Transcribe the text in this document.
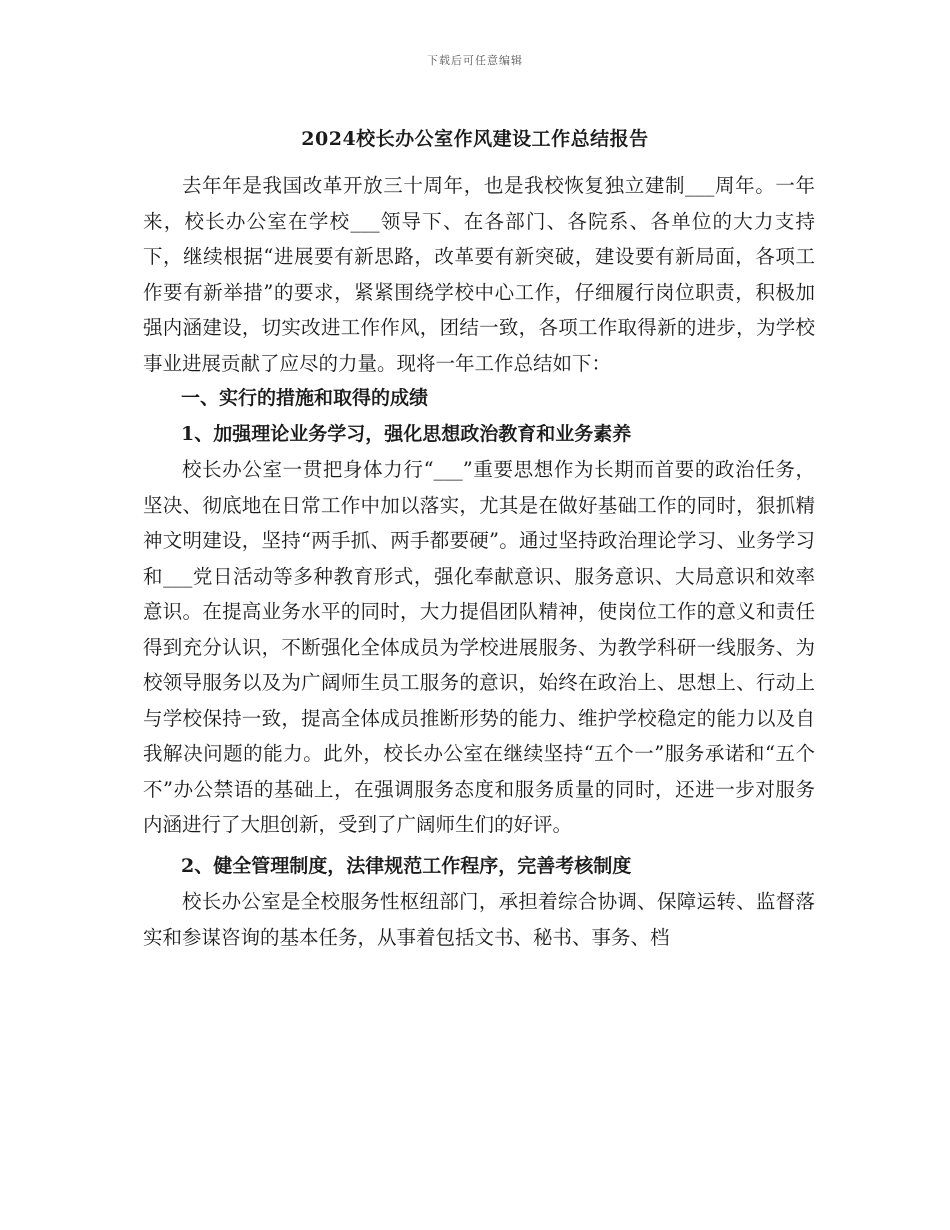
下载后可任意编辑
2024校长办公室作风建设工作总结报告

去年年是我国改革开放三十周年，也是我校恢复独立建制___周年。一年来，校长办公室在学校___领导下、在各部门、各院系、各单位的大力支持下，继续根据“进展要有新思路，改革要有新突破，建设要有新局面，各项工作要有新举措”的要求，紧紧围绕学校中心工作，仔细履行岗位职责，积极加强内涵建设，切实改进工作作风，团结一致，各项工作取得新的进步，为学校事业进展贡献了应尽的力量。现将一年工作总结如下：

一、实行的措施和取得的成绩

1、加强理论业务学习，强化思想政治教育和业务素养

校长办公室一贯把身体力行“___”重要思想作为长期而首要的政治任务，坚决、彻底地在日常工作中加以落实，尤其是在做好基础工作的同时，狠抓精神文明建设，坚持“两手抓、两手都要硬”。通过坚持政治理论学习、业务学习和___党日活动等多种教育形式，强化奉献意识、服务意识、大局意识和效率意识。在提高业务水平的同时，大力提倡团队精神，使岗位工作的意义和责任得到充分认识，不断强化全体成员为学校进展服务、为教学科研一线服务、为校领导服务以及为广阔师生员工服务的意识，始终在政治上、思想上、行动上与学校保持一致，提高全体成员推断形势的能力、维护学校稳定的能力以及自我解决问题的能力。此外，校长办公室在继续坚持“五个一”服务承诺和“五个不”办公禁语的基础上，在强调服务态度和服务质量的同时，还进一步对服务内涵进行了大胆创新，受到了广阔师生们的好评。

2、健全管理制度，法律规范工作程序，完善考核制度

校长办公室是全校服务性枢纽部门，承担着综合协调、保障运转、监督落实和参谋咨询的基本任务，从事着包括文书、秘书、事务、档
